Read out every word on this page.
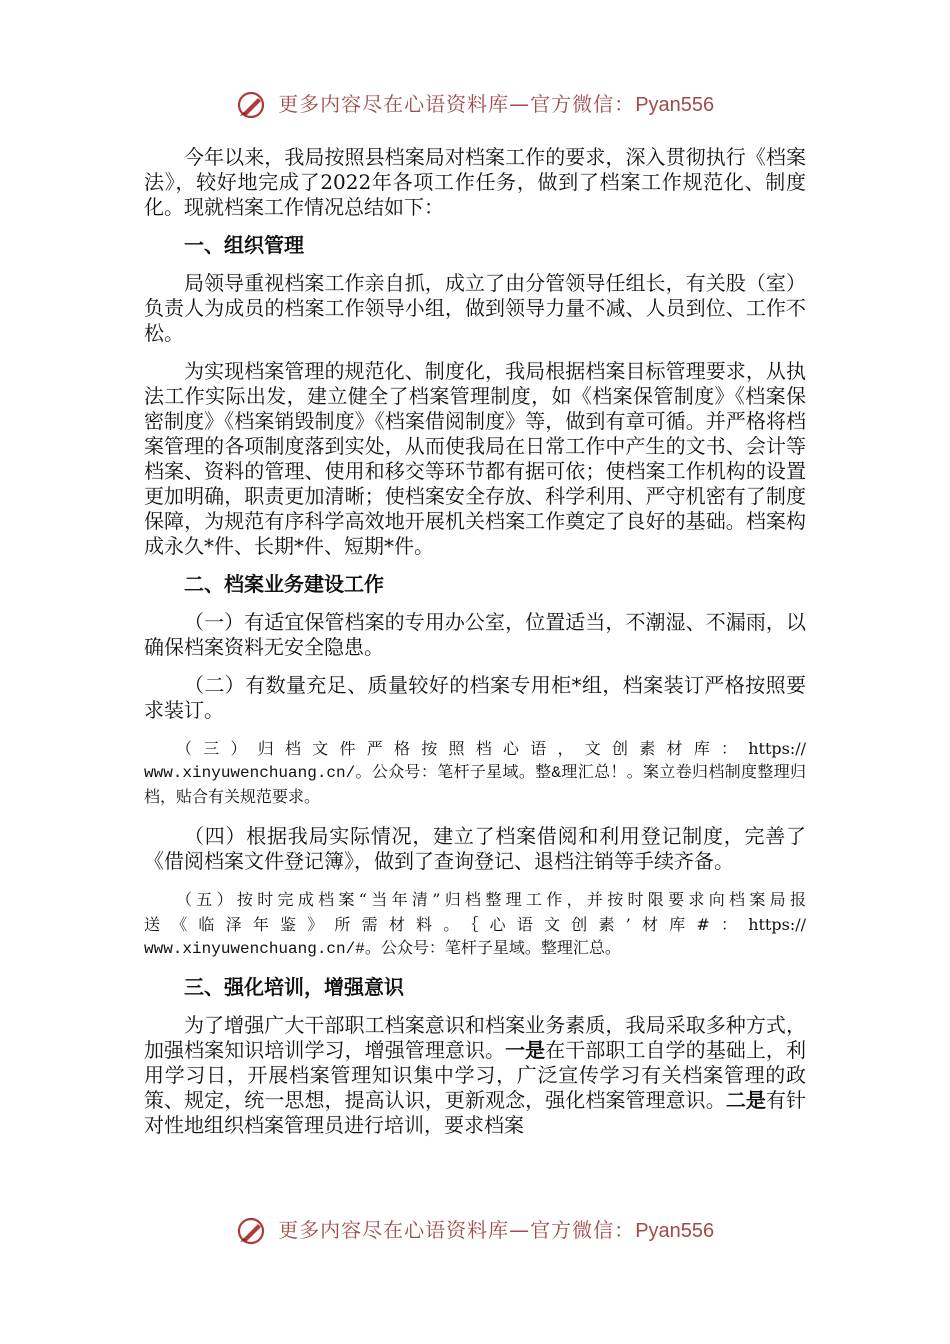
更多内容尽在心语资料库—官方微信：Pyan556

今年以来，我局按照县档案局对档案工作的要求，深入贯彻执行《档案法》，较好地完成了2022年各项工作任务，做到了档案工作规范化、制度化。现就档案工作情况总结如下：

一、组织管理

局领导重视档案工作亲自抓，成立了由分管领导任组长，有关股（室）负责人为成员的档案工作领导小组，做到领导力量不减、人员到位、工作不松。

为实现档案管理的规范化、制度化，我局根据档案目标管理要求，从执法工作实际出发，建立健全了档案管理制度，如《档案保管制度》《档案保密制度》《档案销毁制度》《档案借阅制度》等，做到有章可循。并严格将档案管理的各项制度落到实处，从而使我局在日常工作中产生的文书、会计等档案、资料的管理、使用和移交等环节都有据可依；使档案工作机构的设置更加明确，职责更加清晰；使档案安全存放、科学利用、严守机密有了制度保障，为规范有序科学高效地开展机关档案工作奠定了良好的基础。档案构成永久*件、长期*件、短期*件。

二、档案业务建设工作

（一）有适宜保管档案的专用办公室，位置适当，不潮湿、不漏雨，以确保档案资料无安全隐患。

（二）有数量充足、质量较好的档案专用柜*组，档案装订严格按照要求装订。

（三）归档文件严格按照档心语，文创素材库：https://
www.xinyuwenchuang.cn/。公众号：笔杆子星域。整&理汇总！。案立卷归档制度整理归档，贴合有关规范要求。

（四）根据我局实际情况，建立了档案借阅和利用登记制度，完善了《借阅档案文件登记簿》，做到了查询登记、退档注销等手续齐备。

（五）按时完成档案“当年清”归档整理工作，并按时限要求向档案局报
送《临泽年鉴》所需材料。｛心语文创素’材库#：https://
www.xinyuwenchuang.cn/#。公众号：笔杆子星域。整理汇总。

三、强化培训，增强意识

为了增强广大干部职工档案意识和档案业务素质，我局采取多种方式，加强档案知识培训学习，增强管理意识。一是在干部职工自学的基础上，利用学习日，开展档案管理知识集中学习，广泛宣传学习有关档案管理的政策、规定，统一思想，提高认识，更新观念，强化档案管理意识。二是有针对性地组织档案管理员进行培训，要求档案

更多内容尽在心语资料库—官方微信：Pyan556
